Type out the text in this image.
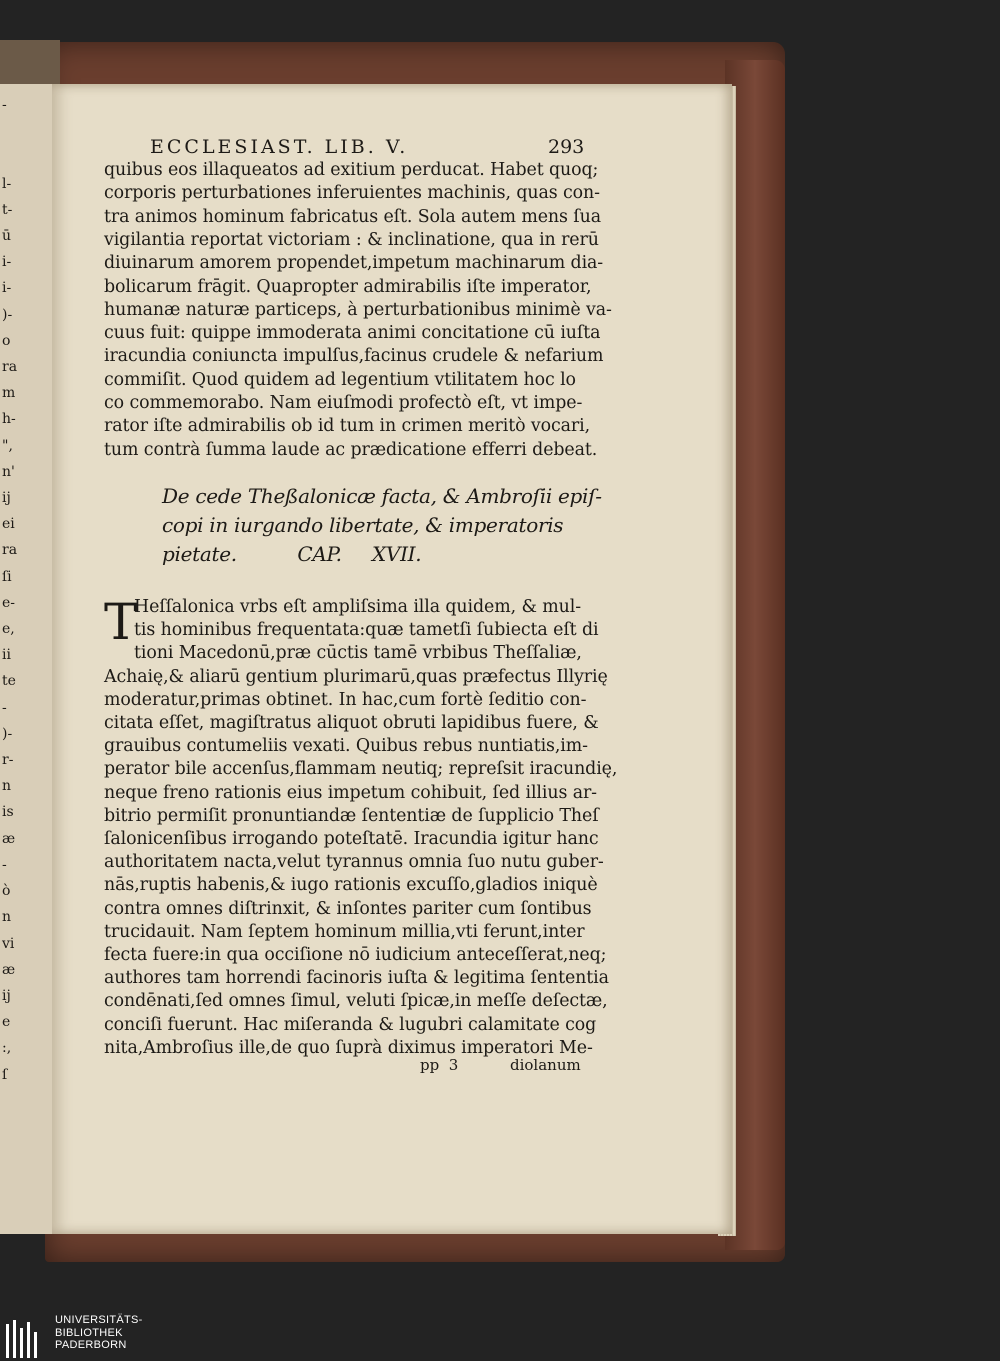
-

l-
t-
ū
i-
i-
)-
o
ra
m
h-
",
n'
ij
ei
ra
ſi
e-
e,
ii
te
-
)-
r-
n
is
æ
-
ò
n
vi
æ
ij
e
:,
ſ
ECCLESIAST. LIB. V.	293
quibus eos illaqueatos ad exitium perducat. Habet quoq;
corporis perturbationes inferuientes machinis, quas con-
tra animos hominum fabricatus eſt. Sola autem mens ſua
vigilantia reportat victoriam : & inclinatione, qua in rerū
diuinarum amorem propendet,impetum machinarum dia-
bolicarum frāgit. Quapropter admirabilis iſte imperator,
humanæ naturæ particeps, à perturbationibus minimè va-
cuus fuit: quippe immoderata animi concitatione cū iuſta
iracundia coniuncta impulſus,facinus crudele & nefarium
commiſit. Quod quidem ad legentium vtilitatem hoc lo
co commemorabo. Nam eiuſmodi profectò eſt, vt impe-
rator iſte admirabilis ob id tum in crimen meritò vocari,
tum contrà ſumma laude ac prædicatione efferri debeat.
De cede Theßalonicæ facta, & Ambroſii epiſ-
copi in iurgando libertate, & imperatoris
pietate.          CAP.     XVII.
T
Heſſalonica vrbs eſt ampliſsima illa quidem, & mul-
tis hominibus frequentata:quæ tametſi ſubiecta eſt di
tioni Macedonū,præ cūctis tamē vrbibus Theſſaliæ,
Achaię,& aliarū gentium plurimarū,quas præfectus Illyrię
moderatur,primas obtinet. In hac,cum fortè ſeditio con-
citata eſſet, magiſtratus aliquot obruti lapidibus fuere, &
grauibus contumeliis vexati. Quibus rebus nuntiatis,im-
perator bile accenſus,flammam neutiq; repreſsit iracundię,
neque freno rationis eius impetum cohibuit, ſed illius ar-
bitrio permiſit pronuntiandæ ſententiæ de ſupplicio Theſ
ſalonicenſibus irrogando poteſtatē. Iracundia igitur hanc
authoritatem nacta,velut tyrannus omnia ſuo nutu guber-
nās,ruptis habenis,& iugo rationis excuſſo,gladios iniquè
contra omnes diſtrinxit, & inſontes pariter cum ſontibus
trucidauit. Nam ſeptem hominum millia,vti ferunt,inter
fecta fuere:in qua occiſione nō iudicium anteceſſerat,neq;
authores tam horrendi facinoris iuſta & legitima ſententia
condēnati,ſed omnes ſimul, veluti ſpicæ,in meſſe deſectæ,
conciſi fuerunt. Hac miſeranda & lugubri calamitate cog
nita,Ambroſius ille,de quo ſuprà diximus imperatori Me-
pp  3	diolanum
UNIVERSITÄTS-
BIBLIOTHEK
PADERBORN
